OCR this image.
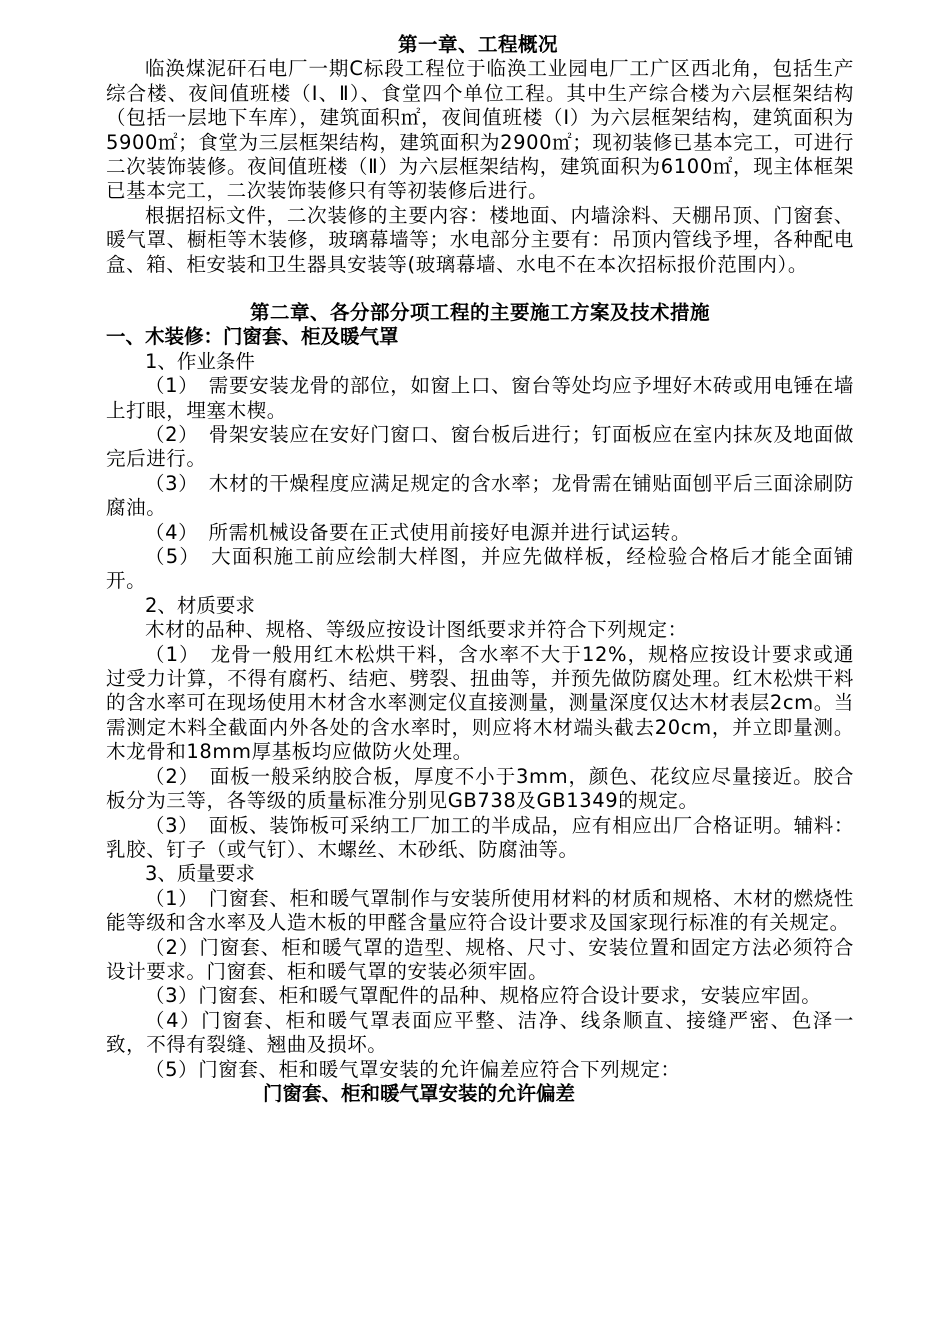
第一章、工程概况
临涣煤泥矸石电厂一期C标段工程位于临涣工业园电厂工广区西北角，包括生产综合楼、夜间值班楼（Ⅰ、Ⅱ）、食堂四个单位工程。其中生产综合楼为六层框架结构（包括一层地下车库），建筑面积㎡，夜间值班楼（Ⅰ）为六层框架结构，建筑面积为5900㎡；食堂为三层框架结构，建筑面积为2900㎡；现初装修已基本完工，可进行二次装饰装修。夜间值班楼（Ⅱ）为六层框架结构，建筑面积为6100㎡，现主体框架已基本完工，二次装饰装修只有等初装修后进行。
根据招标文件，二次装修的主要内容：楼地面、内墙涂料、天棚吊顶、门窗套、暖气罩、橱柜等木装修，玻璃幕墙等；水电部分主要有：吊顶内管线予埋，各种配电盒、箱、柜安装和卫生器具安装等(玻璃幕墙、水电不在本次招标报价范围内）。
第二章、各分部分项工程的主要施工方案及技术措施
一、木装修：门窗套、柜及暖气罩
1、作业条件
（1）　需要安装龙骨的部位，如窗上口、窗台等处均应予埋好木砖或用电锤在墙上打眼，埋塞木楔。
（2）　骨架安装应在安好门窗口、窗台板后进行；钉面板应在室内抹灰及地面做完后进行。
（3）　木材的干燥程度应满足规定的含水率；龙骨需在铺贴面刨平后三面涂刷防腐油。
（4）　所需机械设备要在正式使用前接好电源并进行试运转。
（5）　大面积施工前应绘制大样图，并应先做样板，经检验合格后才能全面铺开。
2、材质要求
木材的品种、规格、等级应按设计图纸要求并符合下列规定：
（1）　龙骨一般用红木松烘干料，含水率不大于12%，规格应按设计要求或通过受力计算，不得有腐朽、结疤、劈裂、扭曲等，并预先做防腐处理。红木松烘干料的含水率可在现场使用木材含水率测定仪直接测量，测量深度仅达木材表层2cm。当需测定木料全截面内外各处的含水率时，则应将木材端头截去20cm，并立即量测。木龙骨和18mm厚基板均应做防火处理。
（2）　面板一般采纳胶合板，厚度不小于3mm，颜色、花纹应尽量接近。胶合板分为三等，各等级的质量标准分别见GB738及GB1349的规定。
（3）　面板、装饰板可采纳工厂加工的半成品，应有相应出厂合格证明。辅料：乳胶、钉子（或气钉）、木螺丝、木砂纸、防腐油等。
3、质量要求
（1）　门窗套、柜和暖气罩制作与安装所使用材料的材质和规格、木材的燃烧性能等级和含水率及人造木板的甲醛含量应符合设计要求及国家现行标准的有关规定。
（2）门窗套、柜和暖气罩的造型、规格、尺寸、安装位置和固定方法必须符合设计要求。门窗套、柜和暖气罩的安装必须牢固。
（3）门窗套、柜和暖气罩配件的品种、规格应符合设计要求，安装应牢固。
（4）门窗套、柜和暖气罩表面应平整、洁净、线条顺直、接缝严密、色泽一致，不得有裂缝、翘曲及损坏。
（5）门窗套、柜和暖气罩安装的允许偏差应符合下列规定：
门窗套、柜和暖气罩安装的允许偏差
